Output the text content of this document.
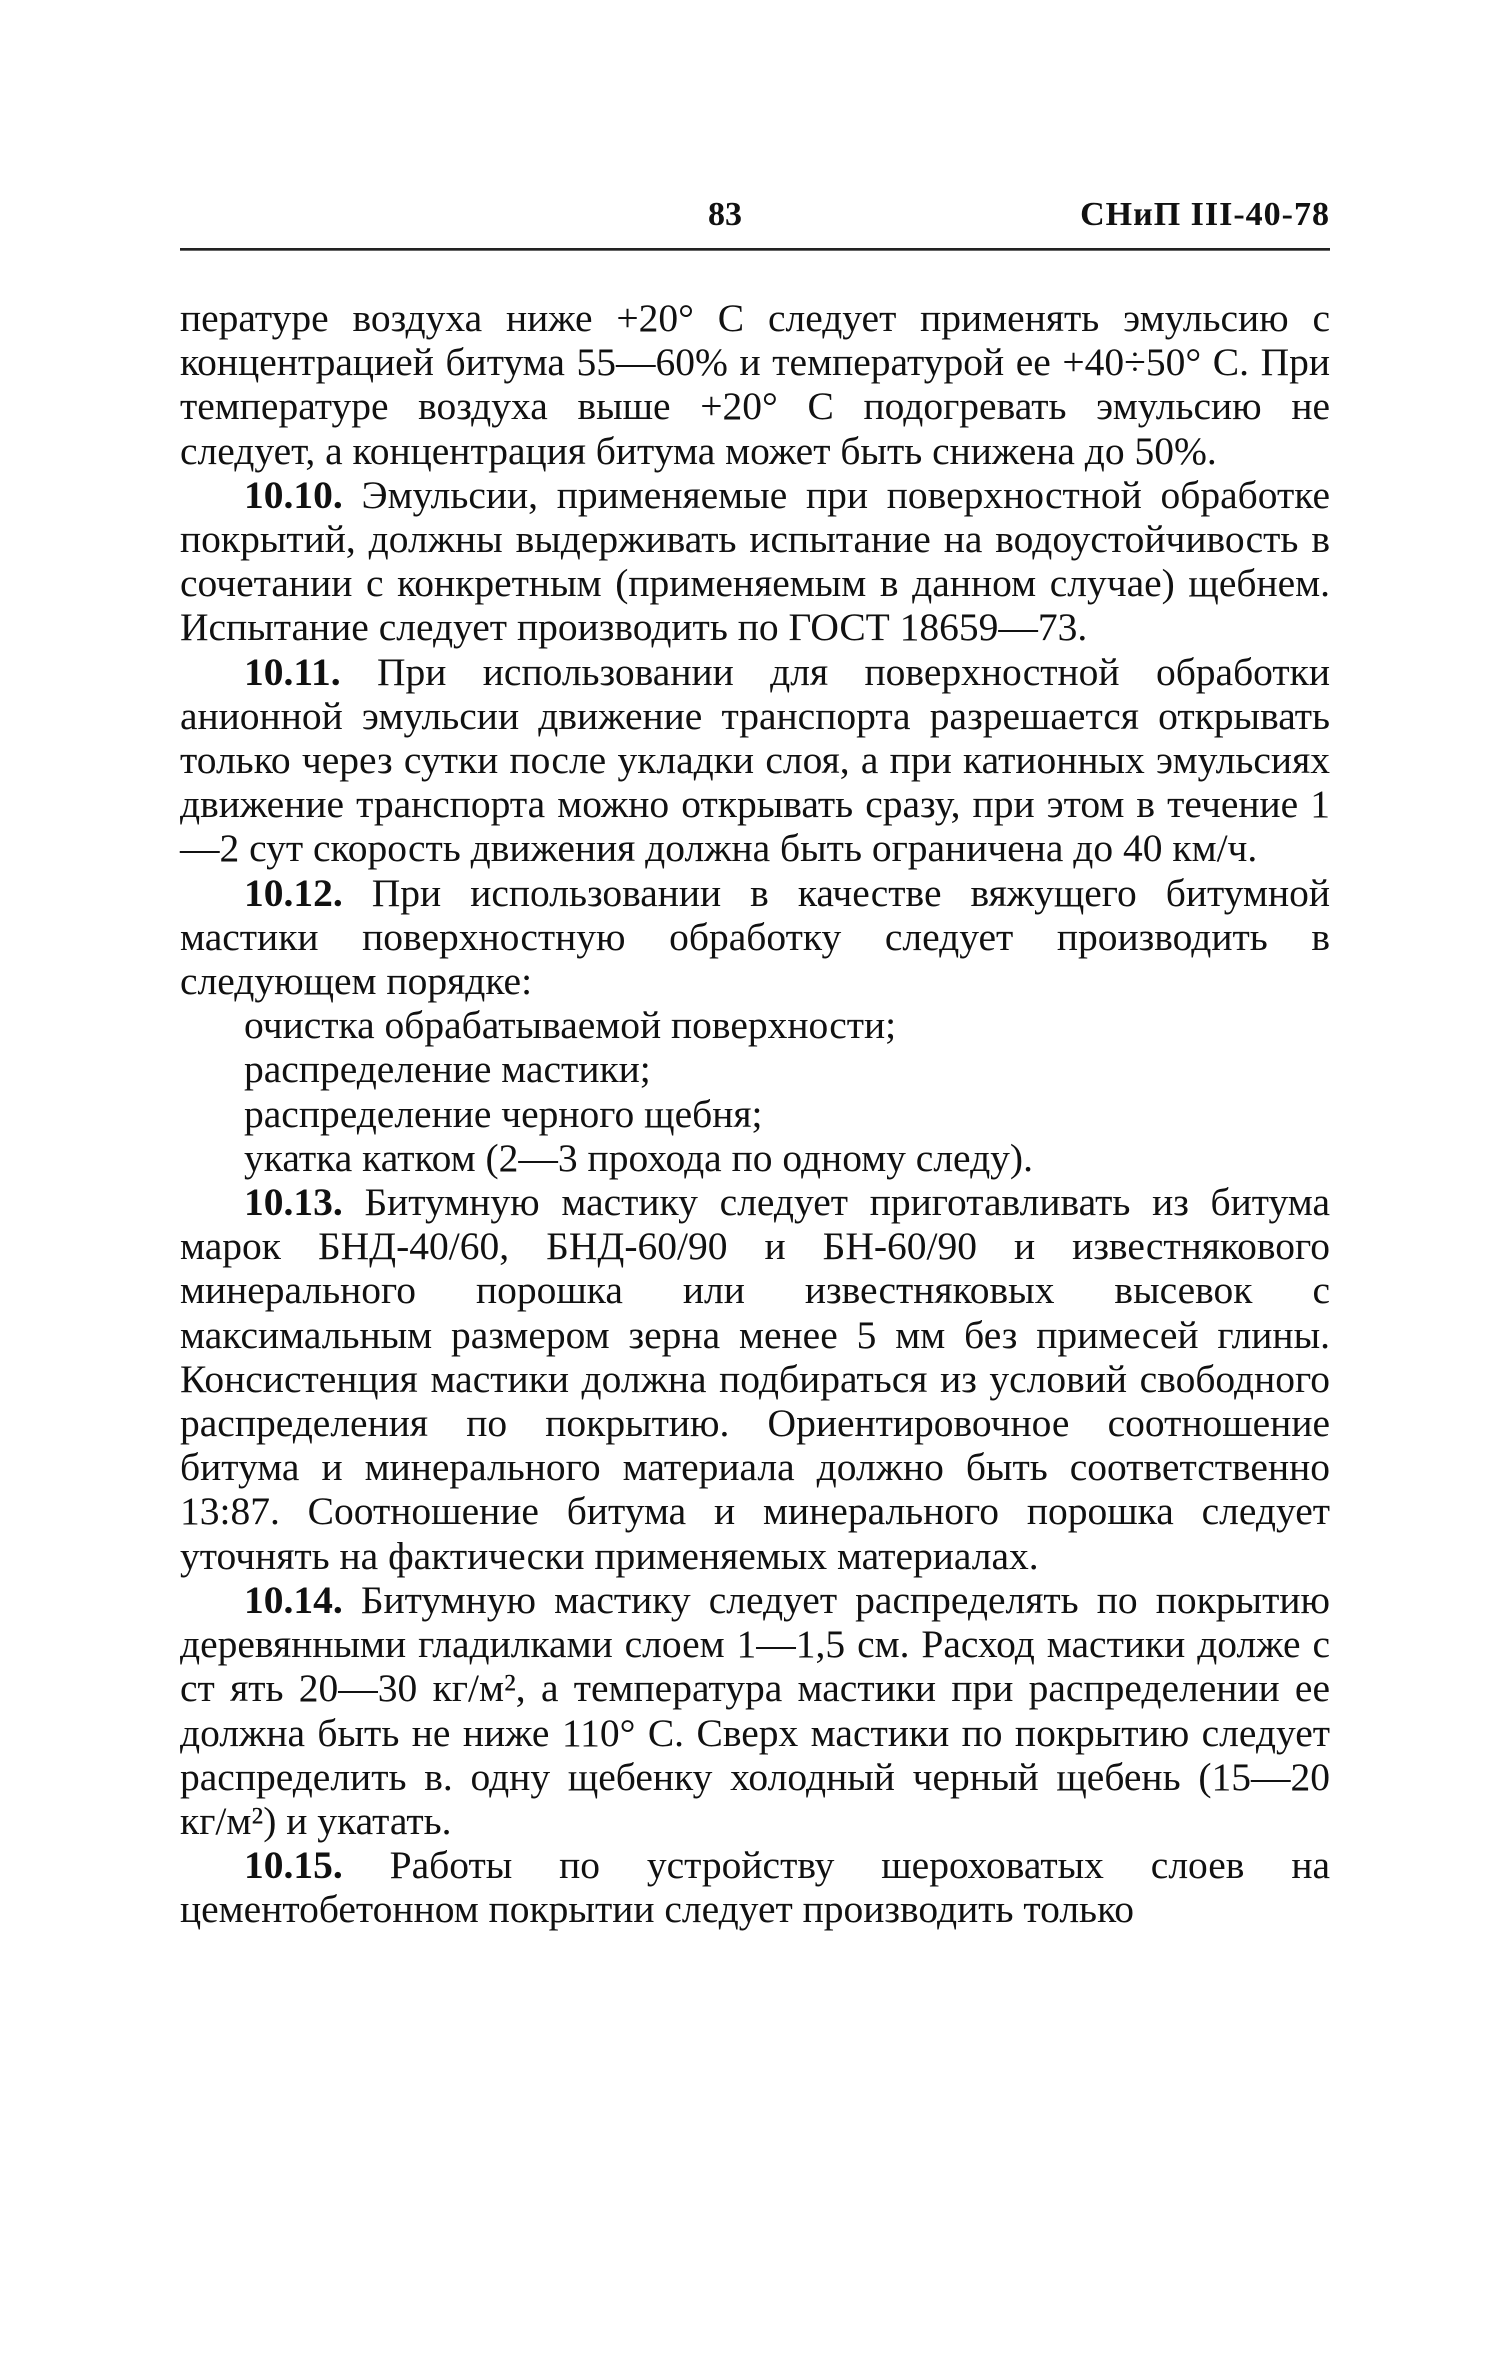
83	СНиП III-40-78

пературе воздуха ниже +20° С следует применять эмульсию с концентрацией битума 55—60% и температурой ее +40÷50° С. При температуре воздуха выше +20° С подогревать эмульсию не следует, а концентрация битума может быть снижена до 50%.

10.10. Эмульсии, применяемые при поверхностной обработке покрытий, должны выдерживать испытание на водоустойчивость в сочетании с конкретным (применяемым в данном случае) щебнем. Испытание следует производить по ГОСТ 18659—73.

10.11. При использовании для поверхностной обработки анионной эмульсии движение транспорта разрешается открывать только через сутки после укладки слоя, а при катионных эмульсиях движение транспорта можно открывать сразу, при этом в течение 1—2 сут скорость движения должна быть ограничена до 40 км/ч.

10.12. При использовании в качестве вяжущего битумной мастики поверхностную обработку следует производить в следующем порядке:

очистка обрабатываемой поверхности;
распределение мастики;
распределение черного щебня;
укатка катком (2—3 прохода по одному следу).

10.13. Битумную мастику следует приготавливать из битума марок БНД-40/60, БНД-60/90 и БН-60/90 и известнякового минерального порошка или известняковых высевок с максимальным размером зерна менее 5 мм без примесей глины. Консистенция мастики должна подбираться из условий свободного распределения по покрытию. Ориентировочное соотношение битума и минерального материала должно быть соответственно 13:87. Соотношение битума и минерального порошка следует уточнять на фактически применяемых материалах.

10.14. Битумную мастику следует распределять по покрытию деревянными гладилками слоем 1—1,5 см. Расход мастики долже с ст ять 20—30 кг/м², а температура мастики при распределении ее должна быть не ниже 110° С. Сверх мастики по покрытию следует распределить в. одну щебенку холодный черный щебень (15—20 кг/м²) и укатать.

10.15. Работы по устройству шероховатых слоев на цементобетонном покрытии следует производить только
